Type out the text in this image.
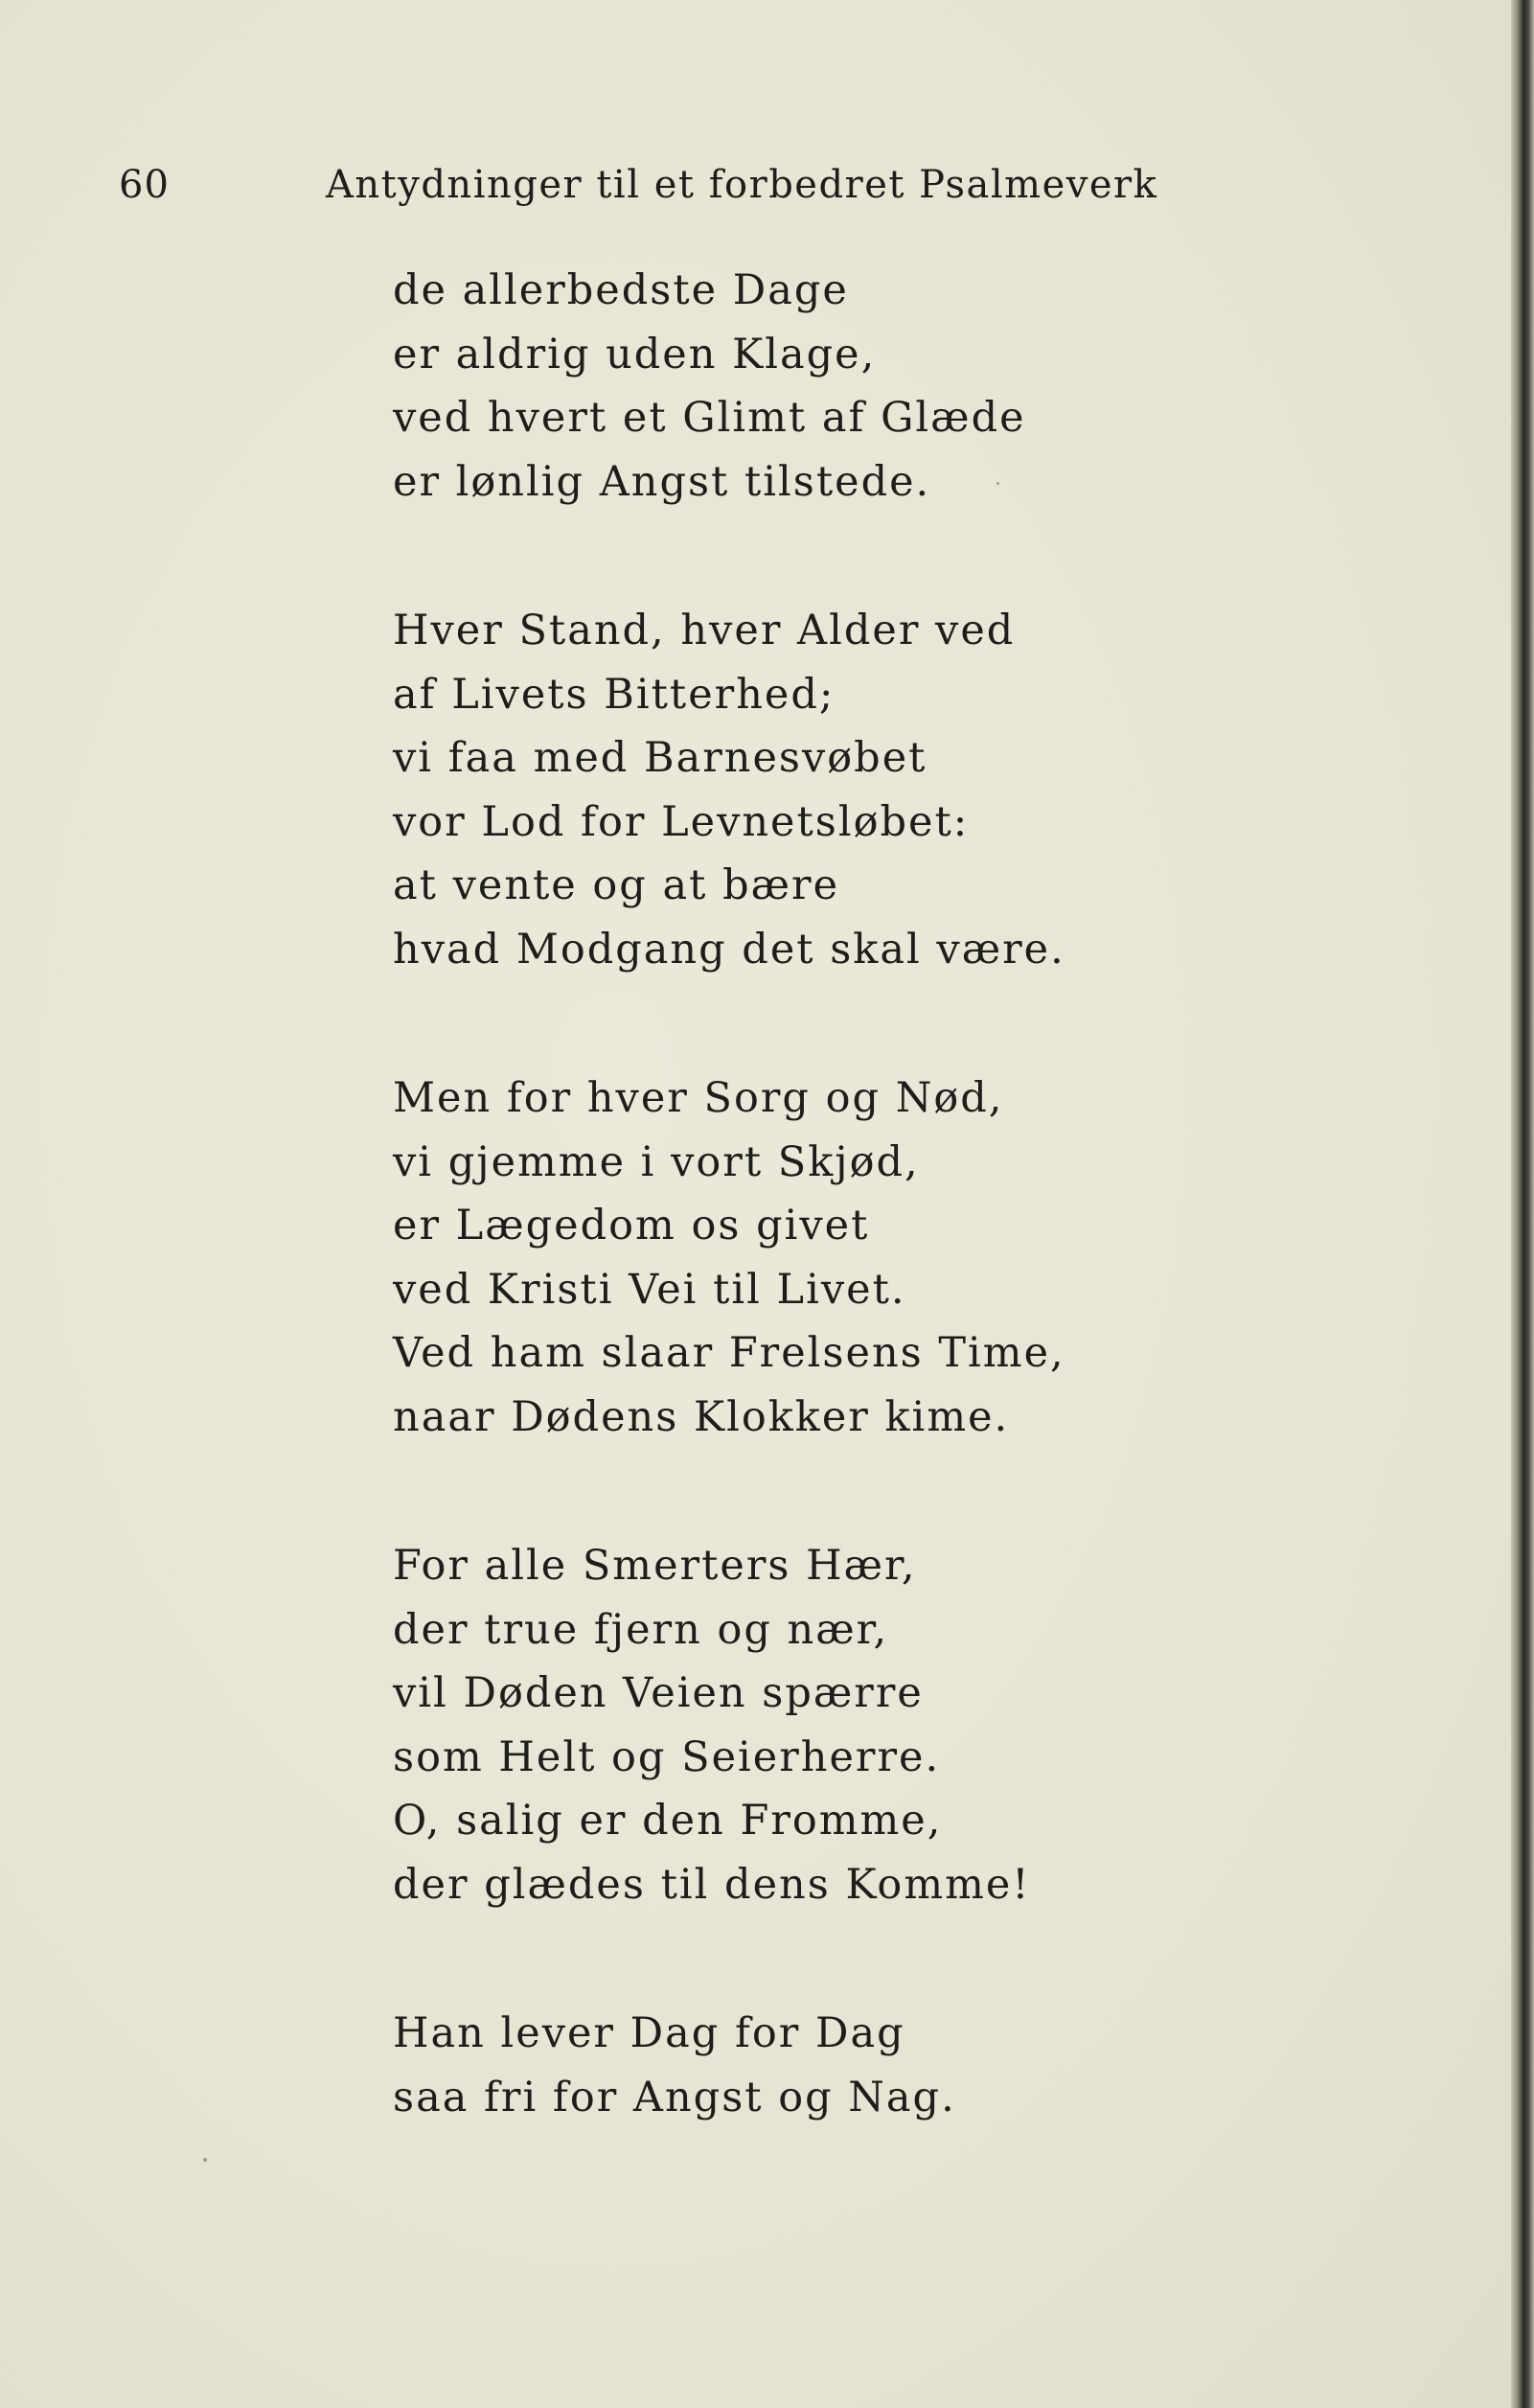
60	Antydninger til et forbedret Psalmeverk
de allerbedste Dage
er aldrig uden Klage,
ved hvert et Glimt af Glæde
er lønlig Angst tilstede.
Hver Stand, hver Alder ved
af Livets Bitterhed;
vi faa med Barnesvøbet
vor Lod for Levnetsløbet:
at vente og at bære
hvad Modgang det skal være.
Men for hver Sorg og Nød,
vi gjemme i vort Skjød,
er Lægedom os givet
ved Kristi Vei til Livet.
Ved ham slaar Frelsens Time,
naar Dødens Klokker kime.
For alle Smerters Hær,
der true fjern og nær,
vil Døden Veien spærre
som Helt og Seierherre.
O, salig er den Fromme,
der glædes til dens Komme!
Han lever Dag for Dag
saa fri for Angst og Nag.
